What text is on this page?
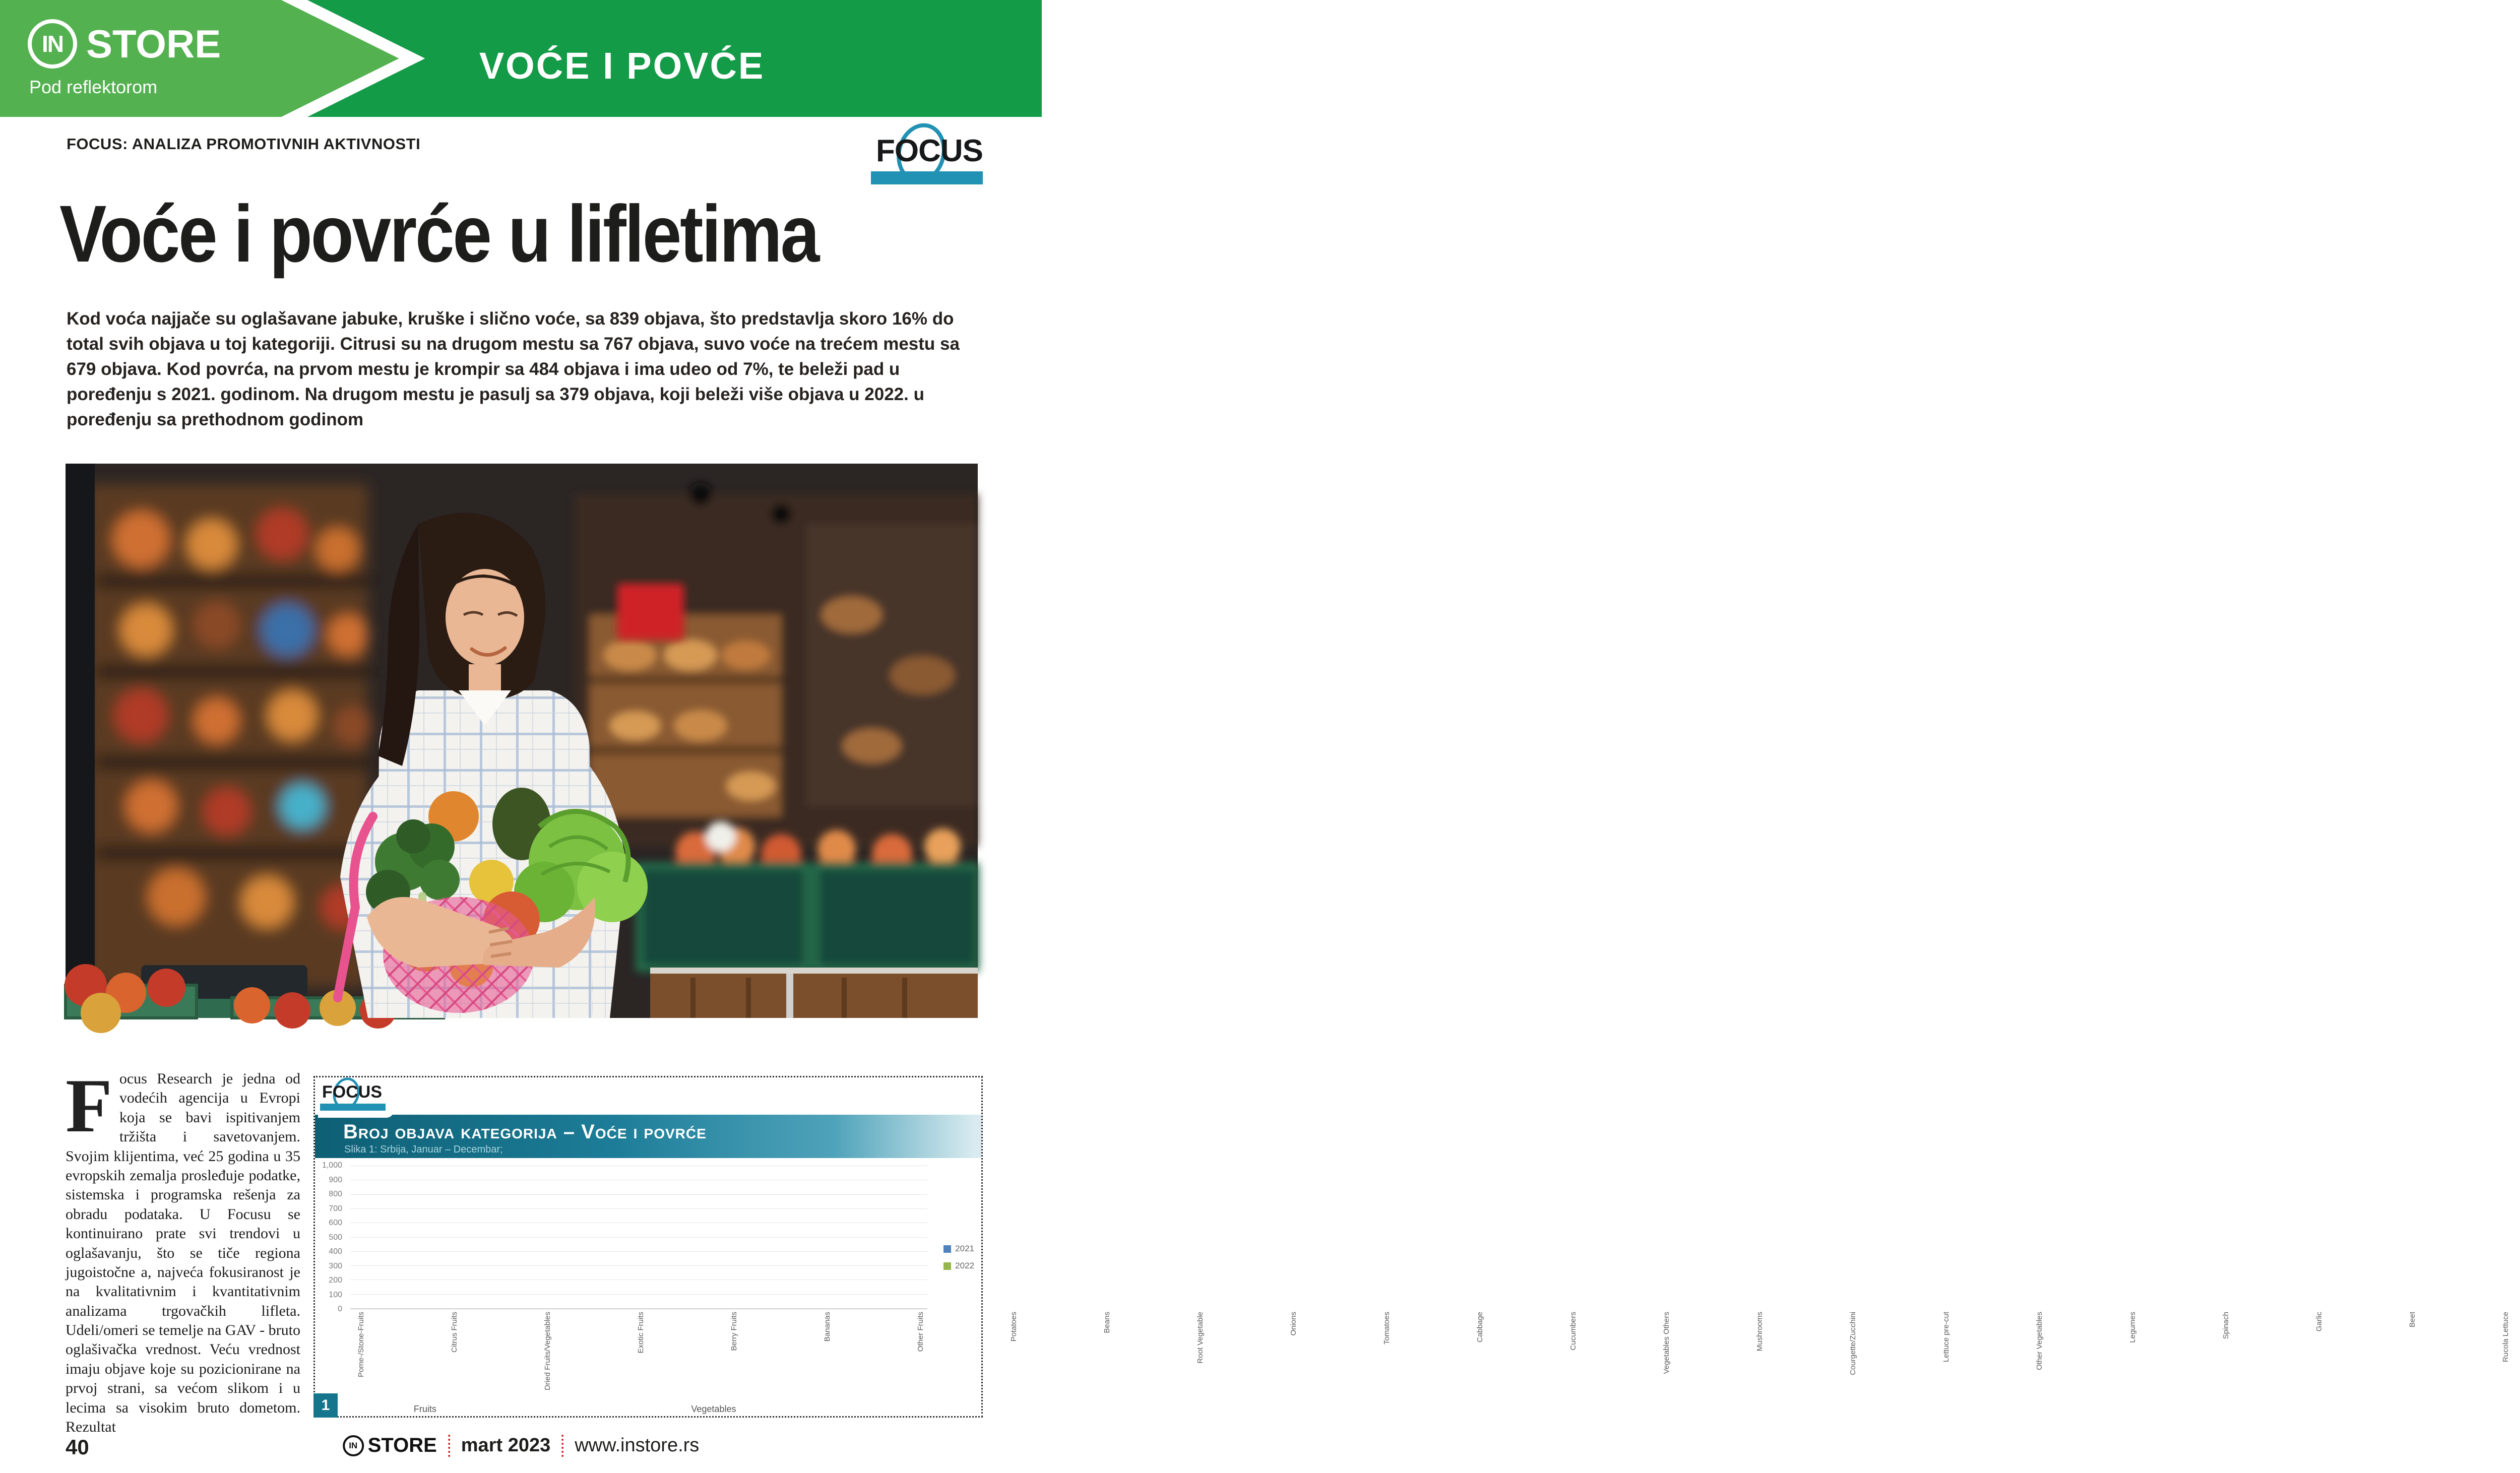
IN STORE
Pod reflektorom
VOĆE I POVĆE
FOCUS: ANALIZA PROMOTIVNIH AKTIVNOSTI	FOCUS
Voće i povrće u lifletima

Kod voća najjače su oglašavane jabuke, kruške i slično voće, sa 839 objava, što predstavlja skoro 16% do total svih objava u toj kategoriji. Citrusi su na drugom mestu sa 767 objava, suvo voće na trećem mestu sa 679 objava. Kod povrća, na prvom mestu je krompir sa 484 objava i ima udeo od 7%, te beleži pad u poređenju s 2021. godinom. Na drugom mestu je pasulj sa 379 objava, koji beleži više objava u 2022. u poređenju sa prethodnom godinom

Focus Research je jedna od vodećih agencija u Evropi koja se bavi ispitivanjem tržišta i savetovanjem. Svojim klijentima, već 25 godina u 35 evropskih zemalja prosleđuje podatke, sistemska i programska rešenja za obradu podataka. U Focusu se kontinuirano prate svi trendovi u oglašavanju, što se tiče regiona jugoistočne a, najveća fokusiranost je na kvalitativnim i kvantitativnim analizama trgovačkih lifleta. Udeli/omeri se temelje na GAV - bruto oglašivačka vrednost. Veću vrednost imaju objave koje su pozicionirane na prvoj strani, sa većom slikom i u lecima sa visokim bruto dometom. Rezultat
FOCUS
Broj objava kategorija – Voće i povrće
Slika 1: Srbija, Januar – Decembar;
1,000
900
800
700
600
500
400
300
200
100
0
Pome-/Stone-Fruits	Citrus Fruits	Dried Fruits/Vegetables	Exotic Fruits	Berry Fruits	Bananas	Other Fruits	Potatoes	Beans	Root Vegetable	Onions	Tomatoes	Cabbage	Cucumbers	Vegetables Others	Mushrooms	Courgette/Zucchini	Lettuce pre-cut	Other Vegetables	Legumes	Spinach	Garlic	Beet	Rucola Lettuce
Fruits	Vegetables
2021
2022
1
40	IN STORE mart 2023 www.instore.rs
